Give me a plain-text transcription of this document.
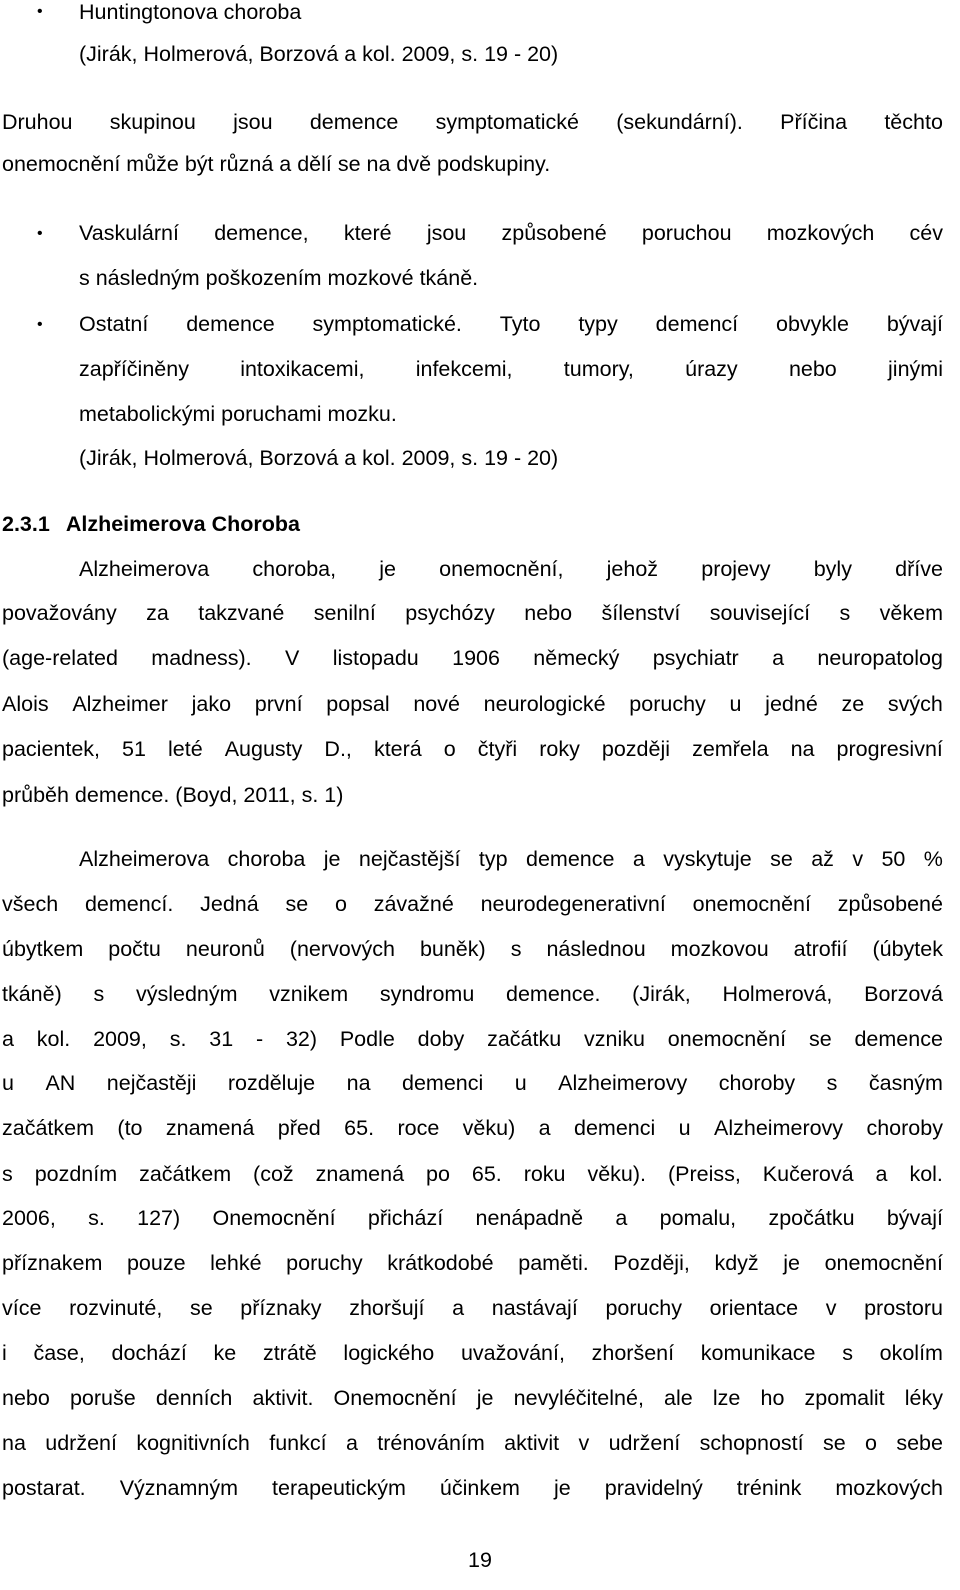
• Huntingtonova choroba
(Jirák, Holmerová, Borzová a kol. 2009, s. 19 - 20)
Druhou skupinou jsou demence symptomatické (sekundární). Příčina těchto
onemocnění může být různá a dělí se na dvě podskupiny.
• Vaskulární demence, které jsou způsobené poruchou mozkových cév
s následným poškozením mozkové tkáně.
• Ostatní demence symptomatické. Tyto typy demencí obvykle bývají
zapříčiněny intoxikacemi, infekcemi, tumory, úrazy nebo jinými
metabolickými poruchami mozku.
(Jirák, Holmerová, Borzová a kol. 2009, s. 19 - 20)
2.3.1 Alzheimerova Choroba
Alzheimerova choroba, je onemocnění, jehož projevy byly dříve
považovány za takzvané senilní psychózy nebo šílenství související s věkem
(age-related madness). V listopadu 1906 německý psychiatr a neuropatolog
Alois Alzheimer jako první popsal nové neurologické poruchy u jedné ze svých
pacientek, 51 leté Augusty D., která o čtyři roky později zemřela na progresivní
průběh demence. (Boyd, 2011, s. 1)
Alzheimerova choroba je nejčastější typ demence a vyskytuje se až v 50 %
všech demencí. Jedná se o závažné neurodegenerativní onemocnění způsobené
úbytkem počtu neuronů (nervových buněk) s následnou mozkovou atrofií (úbytek
tkáně) s výsledným vznikem syndromu demence. (Jirák, Holmerová, Borzová
a kol. 2009, s. 31 - 32) Podle doby začátku vzniku onemocnění se demence
u AN nejčastěji rozděluje na demenci u Alzheimerovy choroby s časným
začátkem (to znamená před 65. roce věku) a demenci u Alzheimerovy choroby
s pozdním začátkem (což znamená po 65. roku věku). (Preiss, Kučerová a kol.
2006, s. 127) Onemocnění přichází nenápadně a pomalu, zpočátku bývají
příznakem pouze lehké poruchy krátkodobé paměti. Později, když je onemocnění
více rozvinuté, se příznaky zhoršují a nastávají poruchy orientace v prostoru
i čase, dochází ke ztrátě logického uvažování, zhoršení komunikace s okolím
nebo poruše denních aktivit. Onemocnění je nevyléčitelné, ale lze ho zpomalit léky
na udržení kognitivních funkcí a trénováním aktivit v udržení schopností se o sebe
postarat. Významným terapeutickým účinkem je pravidelný trénink mozkových
19
